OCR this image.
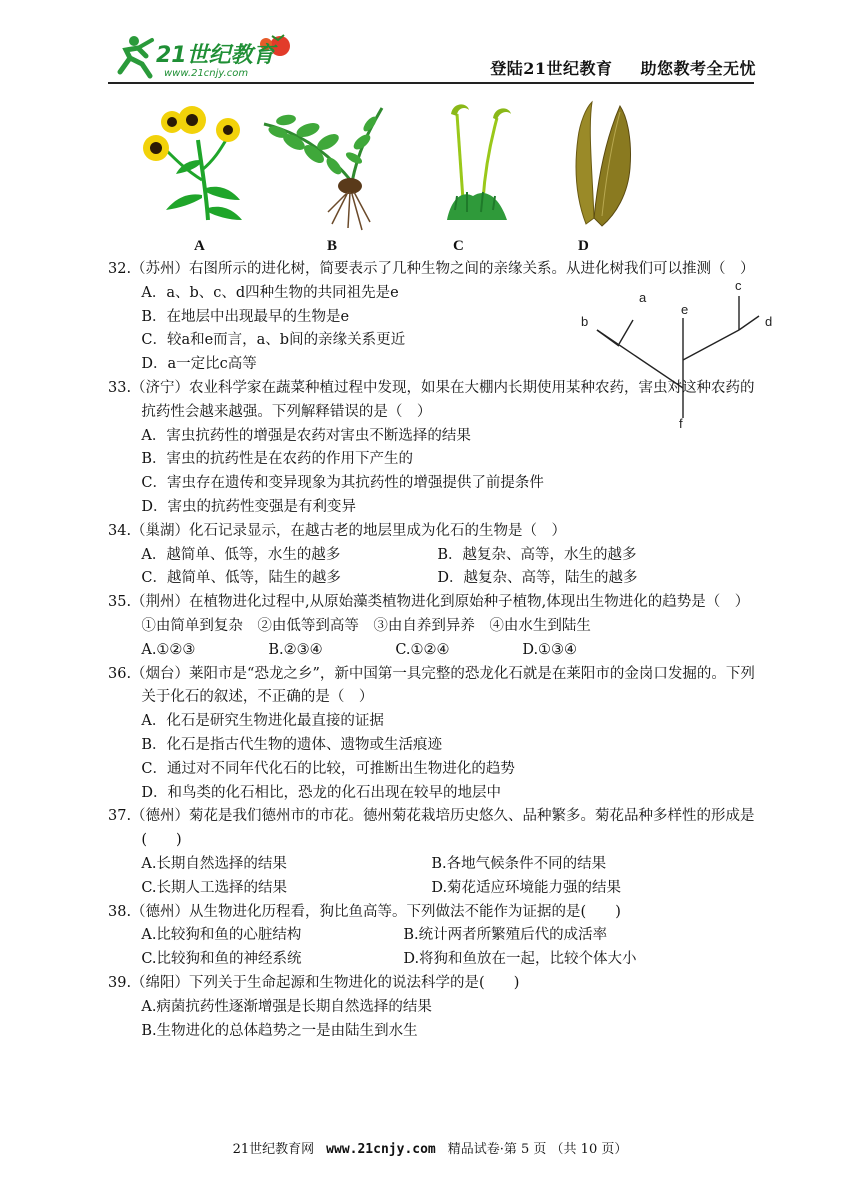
21世纪教育
www.21cnjy.com	登陆21世纪教育 助您教考全无忧
A	B	C	D
a
b
c
d
e
f

32.（苏州）右图所示的进化树，简要表示了几种生物之间的亲缘关系。从进化树我们可以推测（　）

A．a、b、c、d四种生物的共同祖先是e

B．在地层中出现最早的生物是e

C．较a和e而言，a、b间的亲缘关系更近

D．a一定比c高等

33.（济宁）农业科学家在蔬菜种植过程中发现，如果在大棚内长期使用某种农药，害虫对这种农药的抗药性会越来越强。下列解释错误的是（　）

A．害虫抗药性的增强是农药对害虫不断选择的结果

B．害虫的抗药性是在农药的作用下产生的

C．害虫存在遗传和变异现象为其抗药性的增强提供了前提条件

D．害虫的抗药性变强是有利变异

34.（巢湖）化石记录显示，在越古老的地层里成为化石的生物是（　）

A．越简单、低等，水生的越多	B．越复杂、高等，水生的越多

C．越简单、低等，陆生的越多	D．越复杂、高等，陆生的越多

35.（荆州）在植物进化过程中,从原始藻类植物进化到原始种子植物,体现出生物进化的趋势是（　）

①由简单到复杂　②由低等到高等　③由自养到异养　④由水生到陆生

A.①②③	B.②③④	C.①②④	D.①③④

36.（烟台）莱阳市是“恐龙之乡”，新中国第一具完整的恐龙化石就是在莱阳市的金岗口发掘的。下列关于化石的叙述，不正确的是（　）

A．化石是研究生物进化最直接的证据

B．化石是指古代生物的遗体、遗物或生活痕迹

C．通过对不同年代化石的比较，可推断出生物进化的趋势

D．和鸟类的化石相比，恐龙的化石出现在较早的地层中

37.（德州）菊花是我们德州市的市花。德州菊花栽培历史悠久、品种繁多。菊花品种多样性的形成是(　　)

A.长期自然选择的结果	B.各地气候条件不同的结果

C.长期人工选择的结果	D.菊花适应环境能力强的结果

38.（德州）从生物进化历程看，狗比鱼高等。下列做法不能作为证据的是(　　)

A.比较狗和鱼的心脏结构	B.统计两者所繁殖后代的成活率

C.比较狗和鱼的神经系统	D.将狗和鱼放在一起，比较个体大小

39.（绵阳）下列关于生命起源和生物进化的说法科学的是(　　)

A.病菌抗药性逐渐增强是长期自然选择的结果

B.生物进化的总体趋势之一是由陆生到水生

21世纪教育网 www.21cnjy.com 精品试卷·第 5 页 （共 10 页）
